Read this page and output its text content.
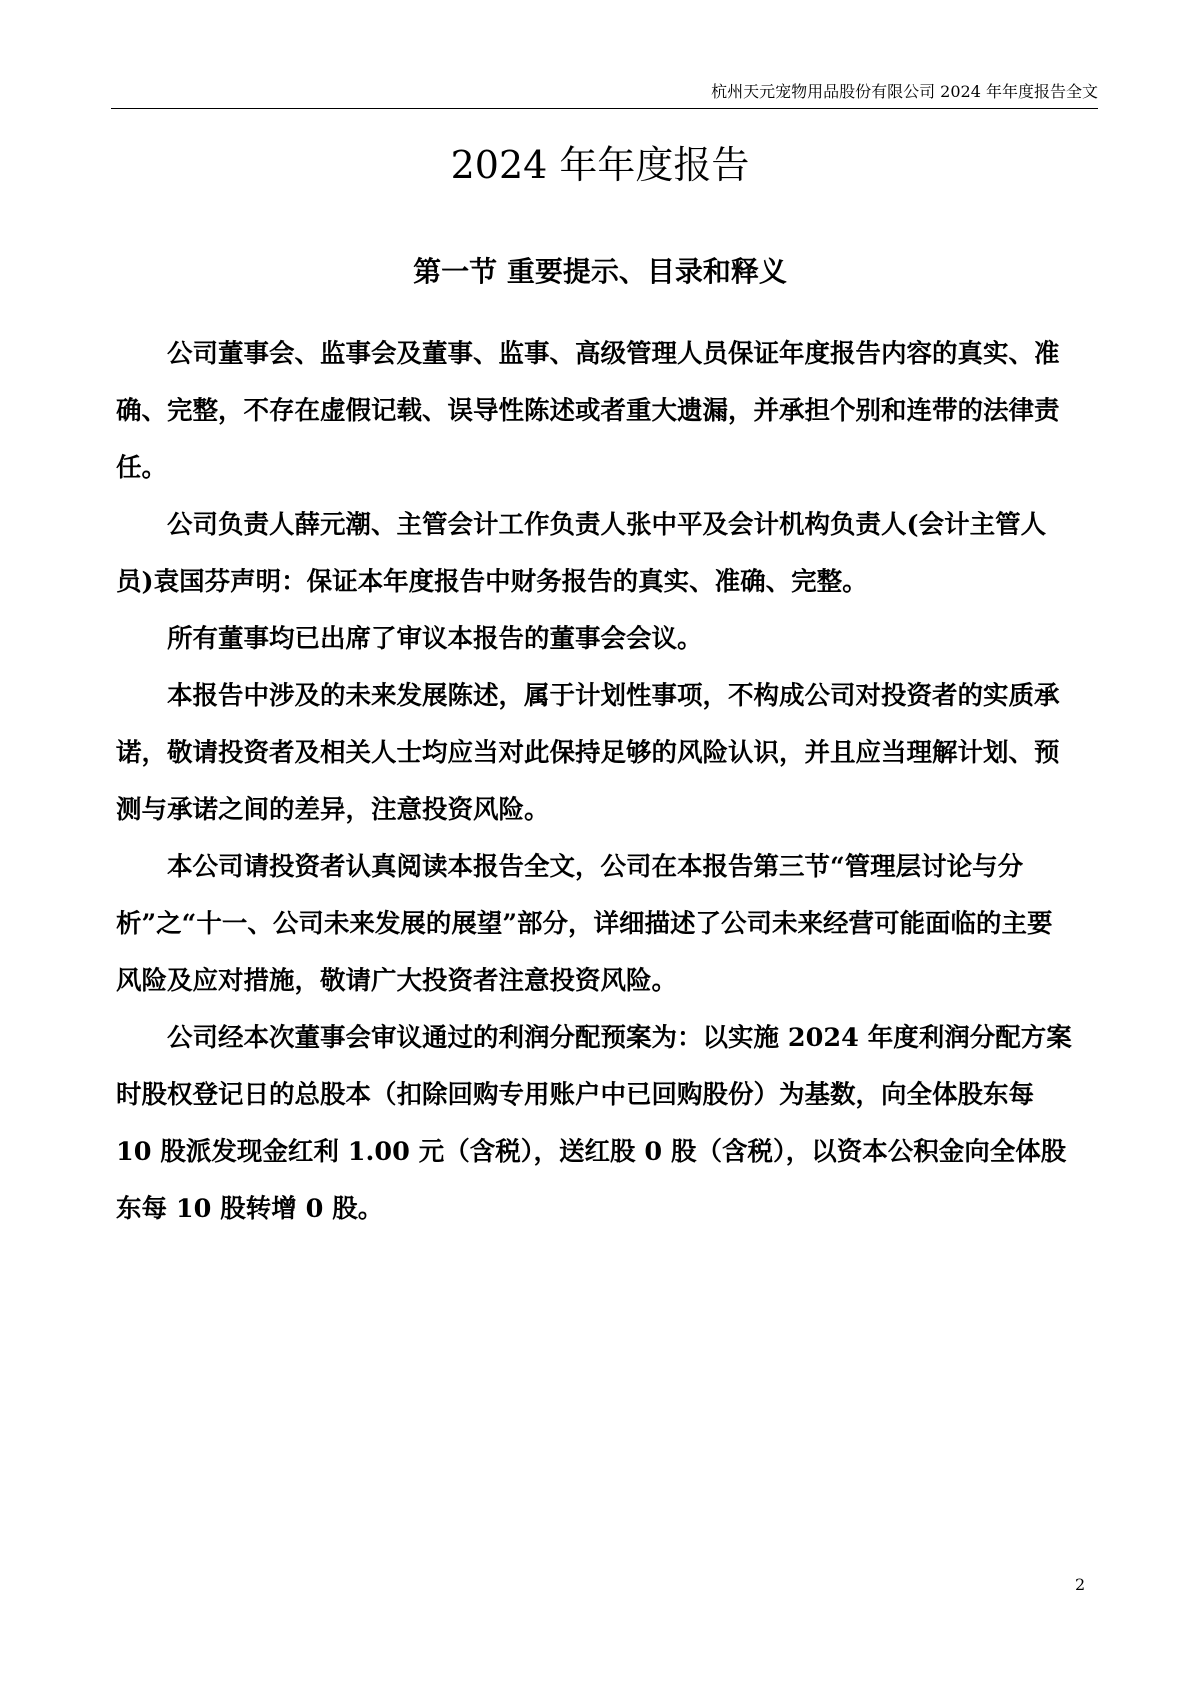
杭州天元宠物用品股份有限公司 2024 年年度报告全文
2024 年年度报告
第一节 重要提示、目录和释义

公司董事会、监事会及董事、监事、高级管理人员保证年度报告内容的真实、准确、完整，不存在虚假记载、误导性陈述或者重大遗漏，并承担个别和连带的法律责任。

公司负责人薛元潮、主管会计工作负责人张中平及会计机构负责人(会计主管人员)袁国芬声明：保证本年度报告中财务报告的真实、准确、完整。

所有董事均已出席了审议本报告的董事会会议。

本报告中涉及的未来发展陈述，属于计划性事项，不构成公司对投资者的实质承诺，敬请投资者及相关人士均应当对此保持足够的风险认识，并且应当理解计划、预测与承诺之间的差异，注意投资风险。

本公司请投资者认真阅读本报告全文，公司在本报告第三节“管理层讨论与分析”之“十一、公司未来发展的展望”部分，详细描述了公司未来经营可能面临的主要风险及应对措施，敬请广大投资者注意投资风险。

公司经本次董事会审议通过的利润分配预案为：以实施 2024 年度利润分配方案时股权登记日的总股本（扣除回购专用账户中已回购股份）为基数，向全体股东每 10 股派发现金红利 1.00 元（含税），送红股 0 股（含税），以资本公积金向全体股东每 10 股转增 0 股。

2
